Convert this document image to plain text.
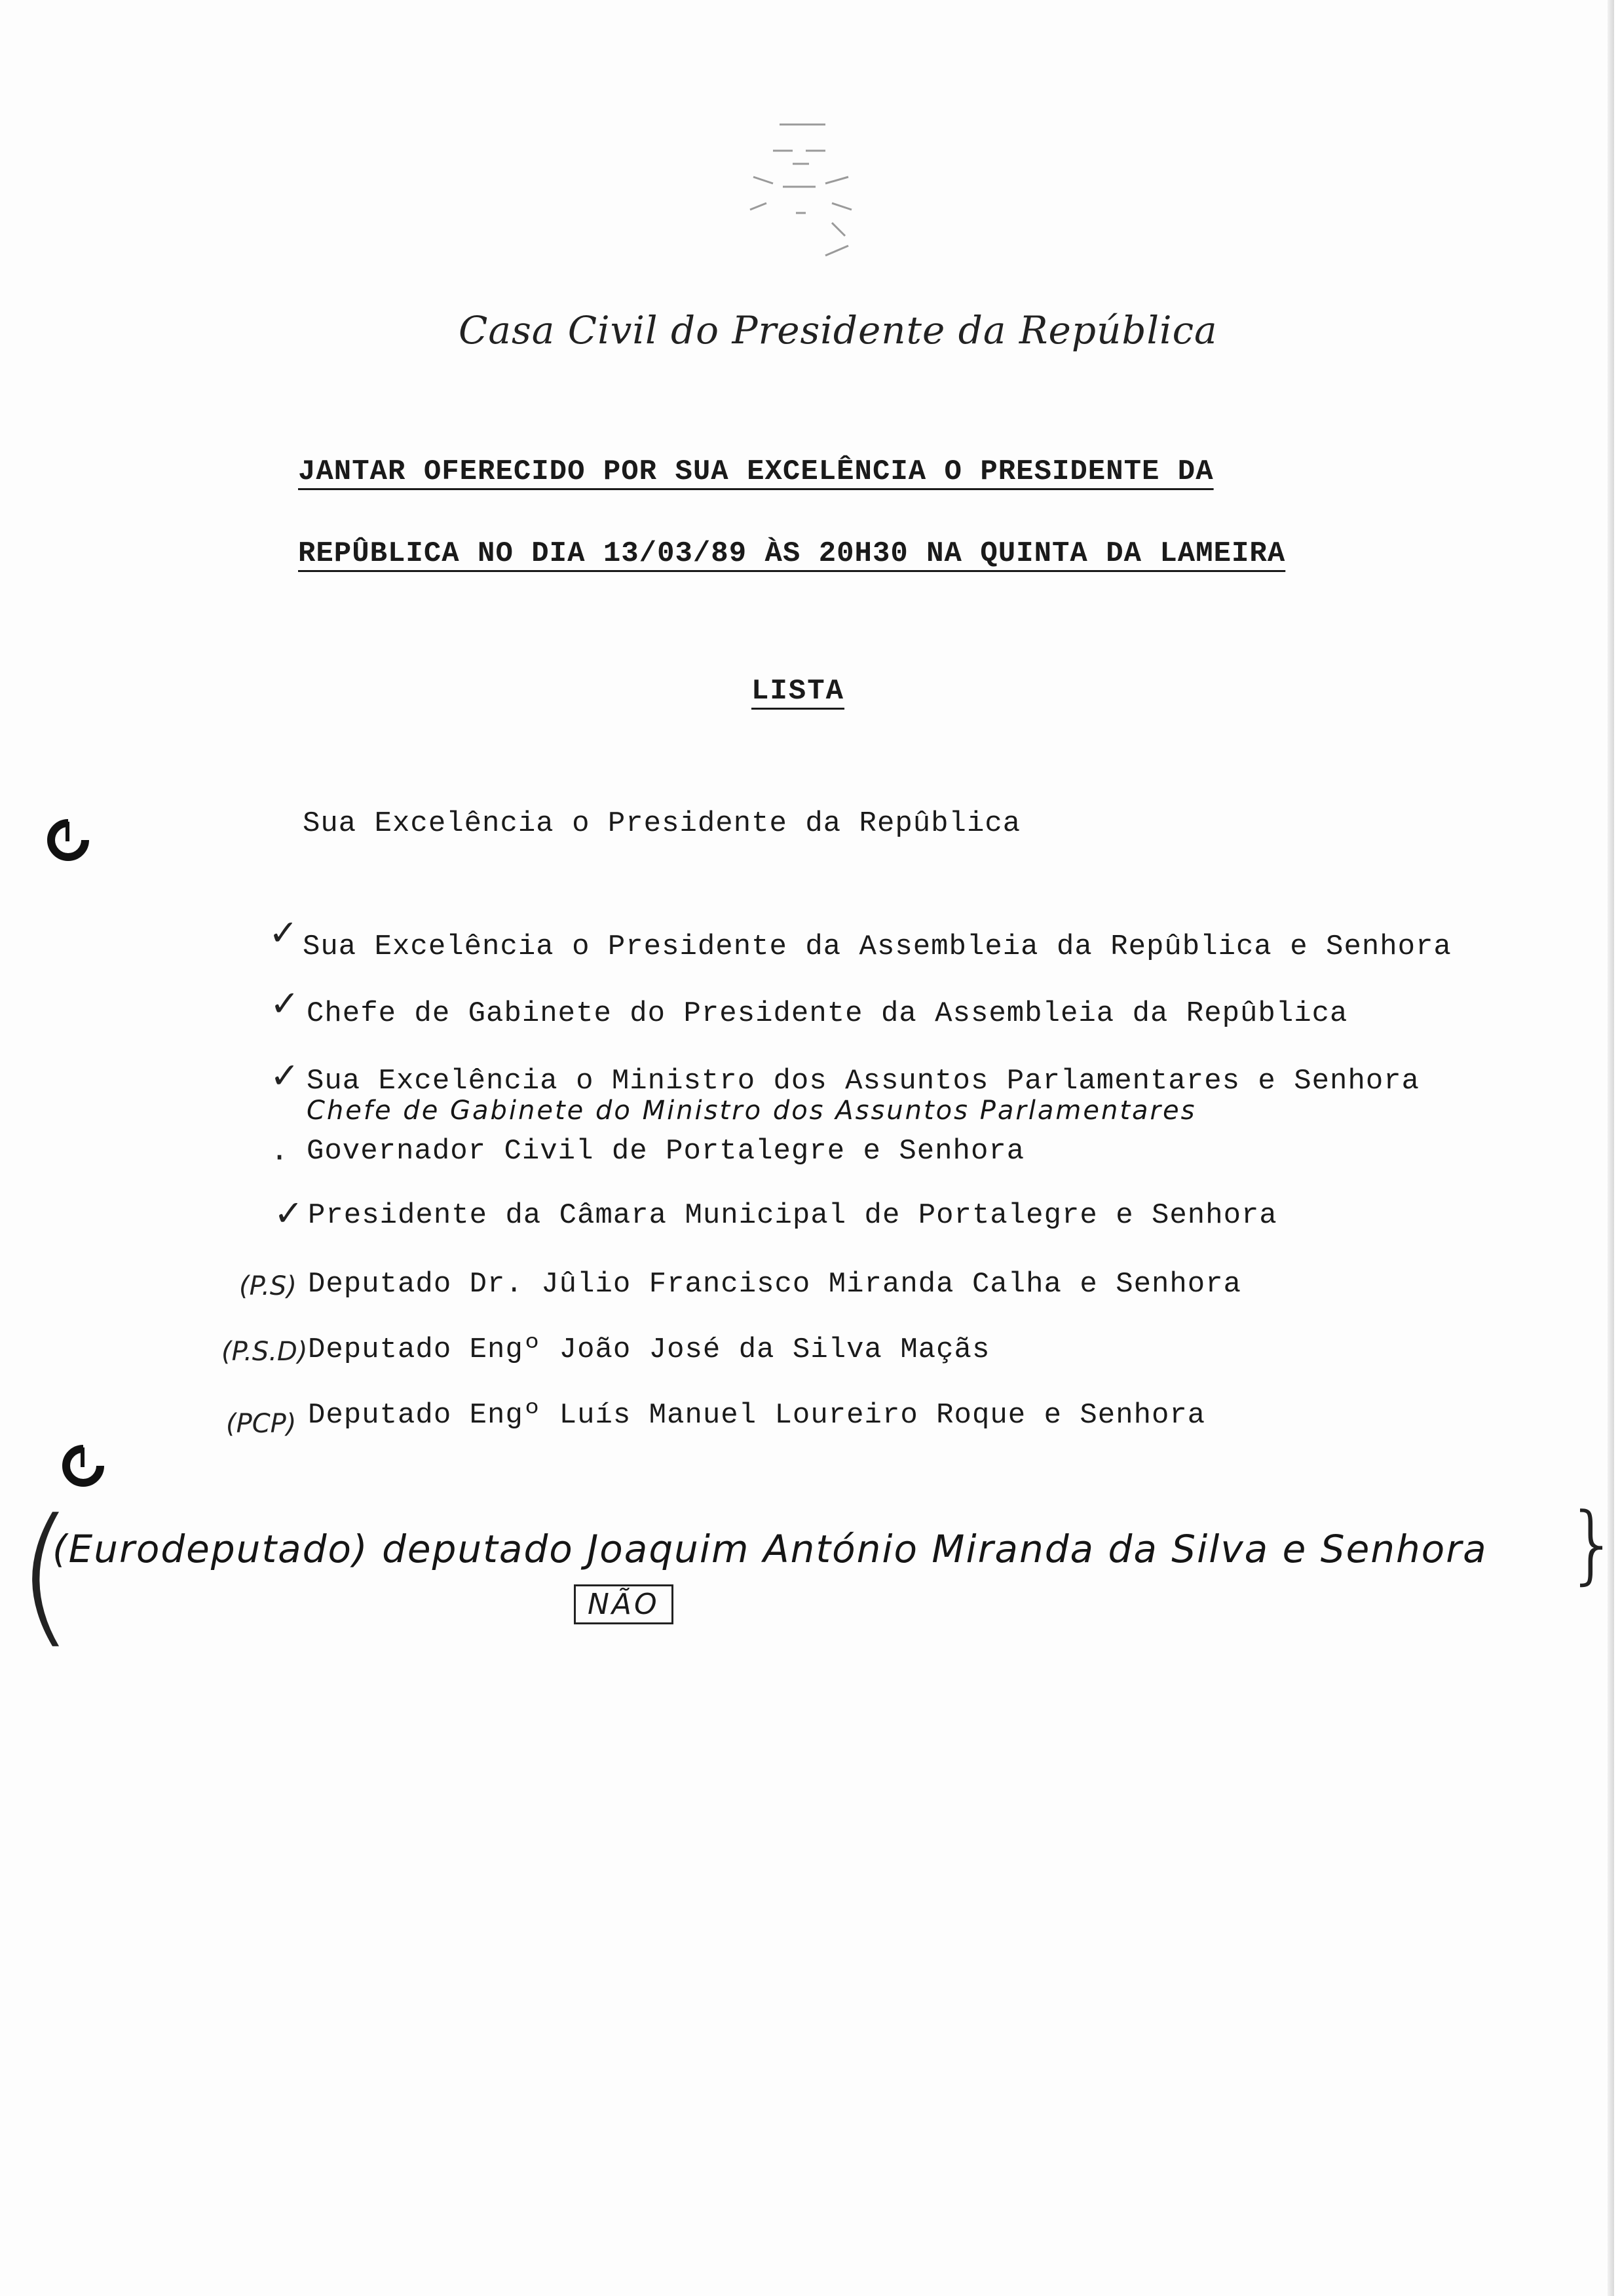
Casa Civil do Presidente da República
JANTAR OFERECIDO POR SUA EXCELÊNCIA O PRESIDENTE DA
REPÛBLICA NO DIA 13/03/89 ÀS 20H30 NA QUINTA DA LAMEIRA
LISTA
Sua Excelência o Presidente da Repûblica
✓ Sua Excelência o Presidente da Assembleia da Repûblica e Senhora
✓ Chefe de Gabinete do Presidente da Assembleia da Repûblica
✓ Sua Excelência o Ministro dos Assuntos Parlamentares e Senhora
Chefe de Gabinete do Ministro dos Assuntos Parlamentares
· Governador Civil de Portalegre e Senhora
✓ Presidente da Câmara Municipal de Portalegre e Senhora
(P.S) Deputado Dr. Jûlio Francisco Miranda Calha e Senhora
(P.S.D) Deputado Engº João José da Silva Maçãs
(PCP) Deputado Engº Luís Manuel Loureiro Roque e Senhora
(
(Eurodeputado) deputado Joaquim António Miranda da Silva e Senhora }
NÃO
